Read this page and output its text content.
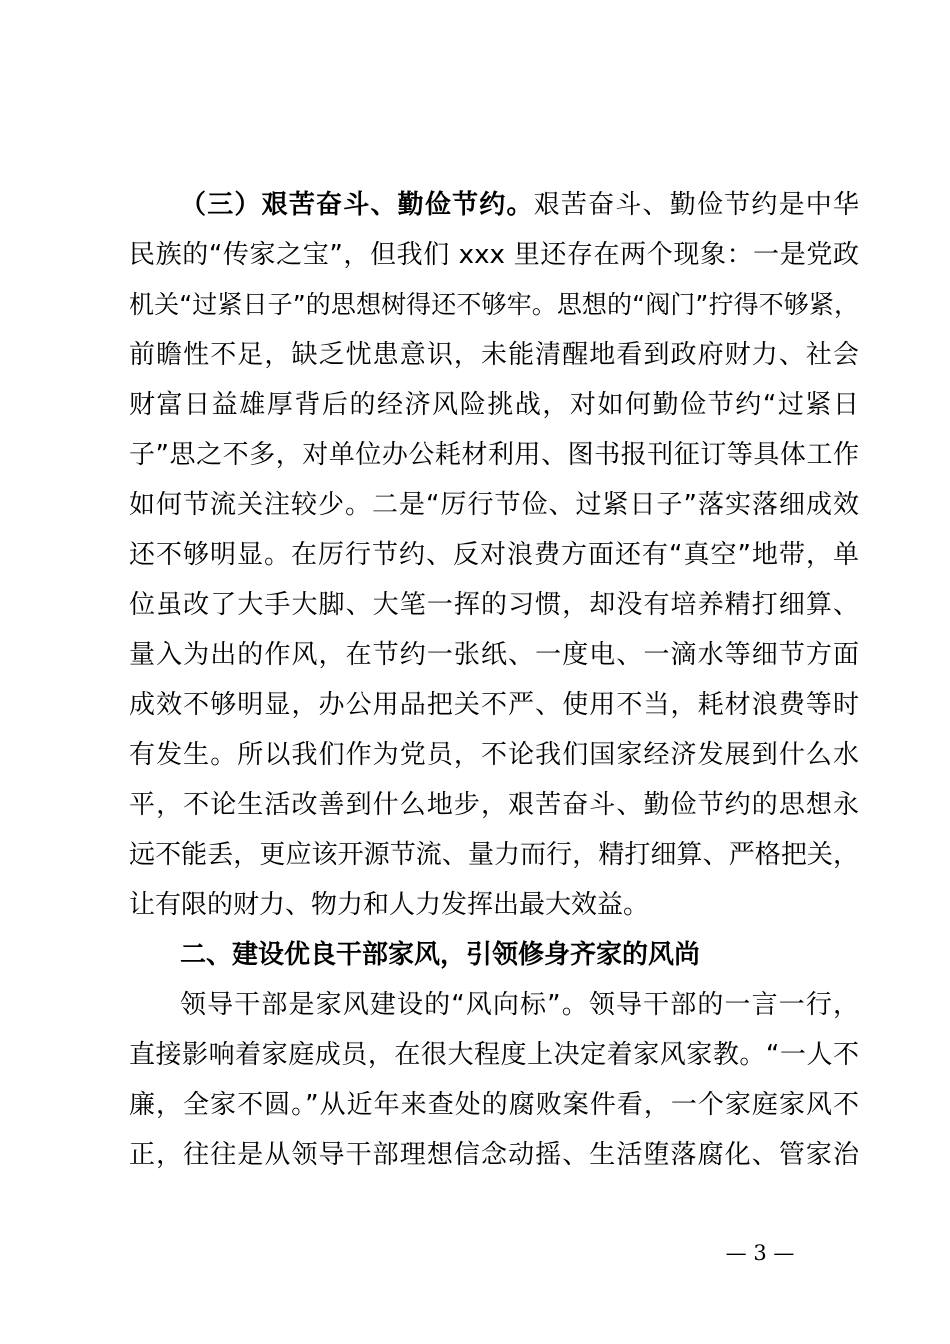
（三）艰苦奋斗、勤俭节约。艰苦奋斗、勤俭节约是中华
民族的“传家之宝”，但我们 xxx 里还存在两个现象：一是党政
机关“过紧日子”的思想树得还不够牢。思想的“阀门”拧得不够紧，
前瞻性不足，缺乏忧患意识，未能清醒地看到政府财力、社会
财富日益雄厚背后的经济风险挑战，对如何勤俭节约“过紧日
子”思之不多，对单位办公耗材利用、图书报刊征订等具体工作
如何节流关注较少。二是“厉行节俭、过紧日子”落实落细成效
还不够明显。在厉行节约、反对浪费方面还有“真空”地带，单
位虽改了大手大脚、大笔一挥的习惯，却没有培养精打细算、
量入为出的作风，在节约一张纸、一度电、一滴水等细节方面
成效不够明显，办公用品把关不严、使用不当，耗材浪费等时
有发生。所以我们作为党员，不论我们国家经济发展到什么水
平，不论生活改善到什么地步，艰苦奋斗、勤俭节约的思想永
远不能丢，更应该开源节流、量力而行，精打细算、严格把关，
让有限的财力、物力和人力发挥出最大效益。
二、建设优良干部家风，引领修身齐家的风尚
领导干部是家风建设的“风向标”。领导干部的一言一行，
直接影响着家庭成员，在很大程度上决定着家风家教。“一人不
廉，全家不圆。”从近年来查处的腐败案件看，一个家庭家风不
正，往往是从领导干部理想信念动摇、生活堕落腐化、管家治
— 3 —
